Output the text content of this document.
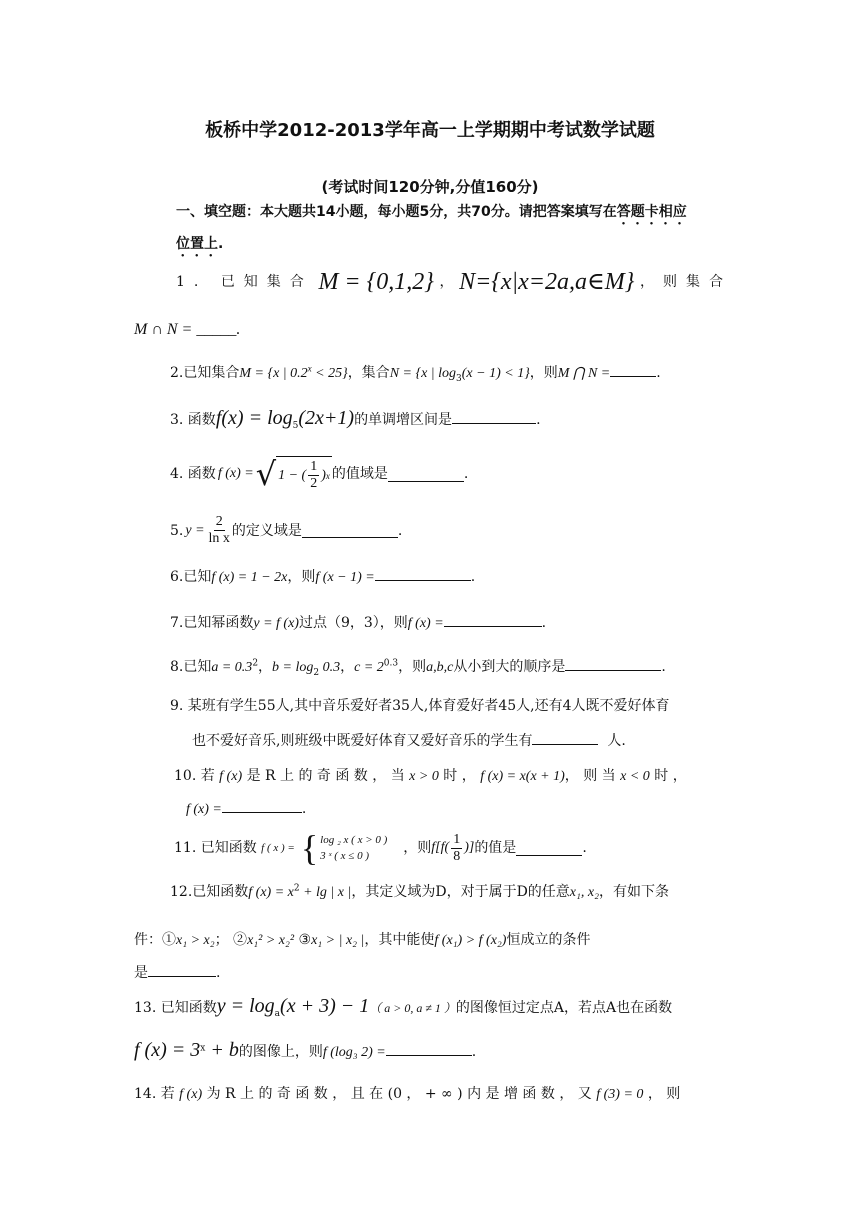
板桥中学2012-2013学年高一上学期期中考试数学试题
(考试时间120分钟,分值160分)
一、填空题：本大题共14小题，每小题5分，共70分。请把答案填写在答题卡相应
位置上.
1. 已知集合 M = {0,1,2} ， N={x|x=2a,a∈M} ，则集合
M ∩ N = _____.
2.已知集合M = {x | $0.2^x < 25$}，集合N = {x | $\log_3(x - 1) < 1$}，则M ⋂ N =	.
3. 函数$f(x) = \log_5(2x+1)$的单调增区间是	.
4. 函数 f (x) = √ 1 − ( $\frac{1}{2}$ ) x 的值域是	.
5. $y = \frac{2}{\text{ln x}}$ 的定义域是	.
6.已知f (x) = 1 − 2x，则f (x − 1) =	.
7.已知幂函数y = f (x)过点（9，3），则f (x) =	.
8.已知$a = 0.3^2$，$b = \log_2 0.3$，$c = 2^{0.3}$，则a,b,c从小到大的顺序是	.
9. 某班有学生55人,其中音乐爱好者35人,体育爱好者45人,还有4人既不爱好体育
也不爱好音乐,则班级中既爱好体育又爱好音乐的学生有	人.
10. 若 f (x) 是 R 上 的 奇 函 数 ， 当 x > 0 时 ， f (x) = x(x + 1)， 则 当 x < 0 时 ，
f (x) =	.
11. 已知函数
f ( x ) = { log ₂ x ( x > 0 )
3 ˣ ( x ≤ 0 )	，则 $f[f( \frac{1}{8}$ )] 的值是	.
12.已知函数f $(x) = x^2 + \lg$ | x |，其定义域为D，对于属于D的任意x₁, x₂，有如下条
件：①x₁ > x₂； ②x₁² > x₂² ③x₁ > | x₂ |，其中能使f (x₁) > f (x₂)恒成立的条件
是	.
13. 已知函数$y = \log_a(x + 3) - 1$（ a > 0, a ≠ 1 ）的图像恒过定点A，若点A也在函数
f $(x) = 3^x + b$的图像上，则f (log₃ 2) =	.
14. 若 f (x) 为 R 上 的 奇 函 数 ， 且 在 (0 ， + ∞ ) 内 是 增 函 数 ， 又 f (3) = 0 ， 则
